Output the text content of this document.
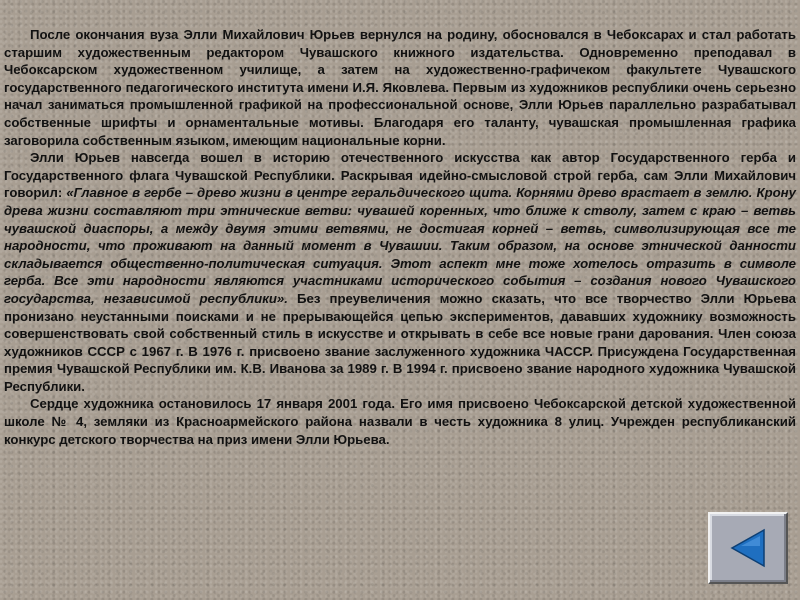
После окончания вуза Элли Михайлович Юрьев вернулся на родину, обосновался в Чебоксарах и стал работать старшим художественным редактором Чувашского книжного издательства. Одновременно преподавал в Чебоксарском художественном училище, а затем на художественно-графичеком факультете Чувашского государственного педагогического института имени И.Я. Яковлева. Первым из художников республики очень серьезно начал заниматься промышленной графикой на профессиональной основе, Элли Юрьев параллельно разрабатывал собственные шрифты и орнаментальные мотивы. Благодаря его таланту, чувашская промышленная графика заговорила собственным языком, имеющим национальные корни.

Элли Юрьев навсегда вошел в историю отечественного искусства как автор Государственного герба и Государственного флага Чувашской Республики. Раскрывая идейно-смысловой строй герба, сам Элли Михайлович говорил: «Главное в гербе – древо жизни в центре геральдического щита. Корнями древо врастает в землю. Крону древа жизни составляют три этнические ветви: чувашей коренных, что ближе к стволу, затем с краю – ветвь чувашской диаспоры, а между двумя этими ветвями, не достигая корней – ветвь, символизирующая все те народности, что проживают на данный момент в Чувашии. Таким образом, на основе этнической данности складывается общественно-политическая ситуация. Этот аспект мне тоже хотелось отразить в символе герба. Все эти народности являются участниками исторического события – создания нового Чувашского государства, независимой республики». Без преувеличения можно сказать, что все творчество Элли Юрьева пронизано неустанными поисками и не прерывающейся цепью экспериментов, дававших художнику возможность совершенствовать свой собственный стиль в искусстве и открывать в себе все новые грани дарования. Член союза художников СССР с 1967 г. В 1976 г. присвоено звание заслуженного художника ЧАССР. Присуждена Государственная премия Чувашской Республики им. К.В. Иванова за 1989 г. В 1994 г. присвоено звание народного художника Чувашской Республики.

Сердце художника остановилось 17 января 2001 года. Его имя присвоено Чебоксарской детской художественной школе № 4, земляки из Красноармейского района назвали в честь художника 8 улиц. Учрежден республиканский конкурс детского творчества на приз имени Элли Юрьева.
